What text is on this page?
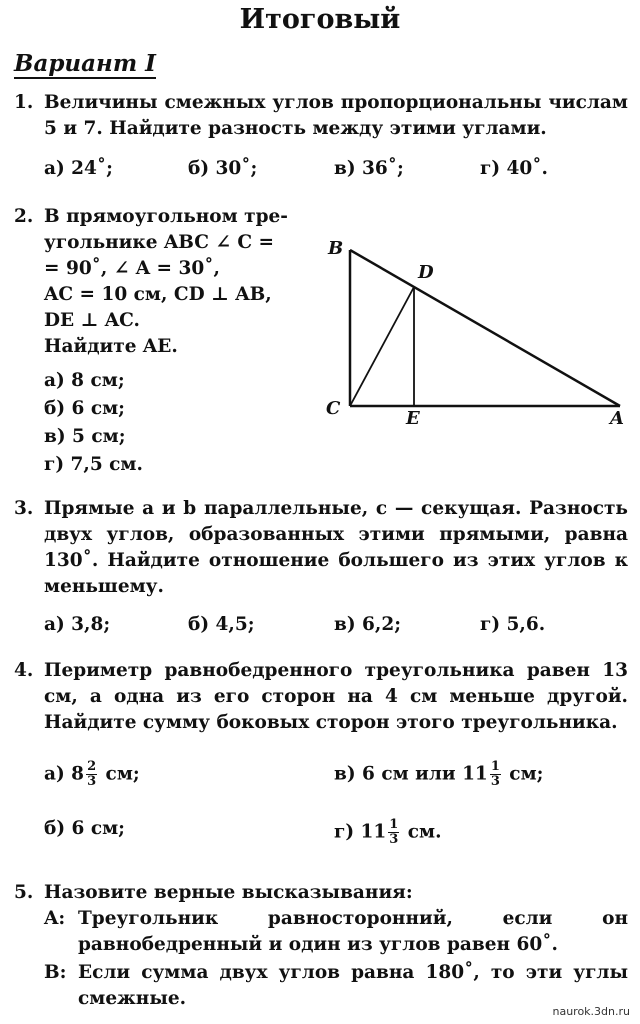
Итоговый
Вариант I
1. Величины смежных углов пропорциональны числам 5 и 7. Найдите разность между этими углами.
а) 24˚;	б) 30˚;	в) 36˚;	г) 40˚.
2. В прямоугольном тре-
угольнике ABC ∠ C =
= 90˚, ∠ A = 30˚,
AC = 10 см, CD ⊥ AB,
DE ⊥ AC.
Найдите AE.
а) 8 см;
б) 6 см;
в) 5 см;
г) 7,5 см.
B
D
C	E	A
3. Прямые a и b параллельные, c — секущая. Разность двух углов, образованных этими прямыми, равна 130˚. Найдите отношение большего из этих углов к меньшему.
а) 3,8;	б) 4,5;	в) 6,2;	г) 5,6.
4. Периметр равнобедренного треугольника равен 13 см, а одна из его сторон на 4 см меньше другой. Найдите сумму боковых сторон этого треугольника.
а) $8 \frac{2}{3}$ см;	в) 6 см или $11 \frac{1}{3}$ см;
б) 6 см;	г) $11 \frac{1}{3}$ см.
5. Назовите верные высказывания:
A: Треугольник равносторонний, если он равнобедренный и один из углов равен 60˚.
B: Если сумма двух углов равна 180˚, то эти углы смежные.
naurok.3dn.ru
